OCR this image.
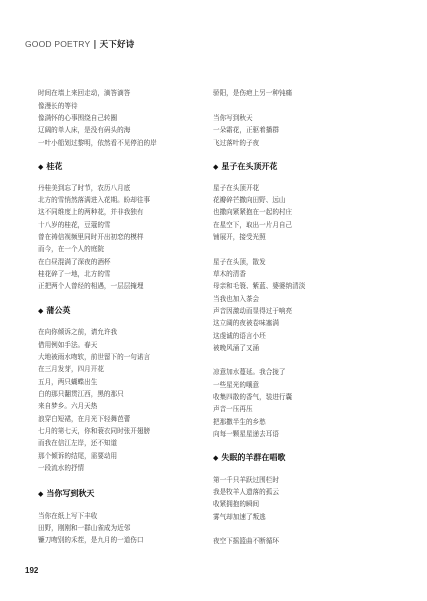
GOOD POETRY | 天下好诗
时间在墙上来回走动，滴答滴答
像漫长的等待
像满怀的心事围绕自己转圈
辽阔的单人床，是没有码头的海
一叶小船划过黎明，依然看不见停泊的岸
◆ 桂花
丹桂美到忘了时节，农历八月底
北方的雪悄然落满进入花期。盼却往事
这不同维度上的两种花，并非我独有
十八岁的桂花，豆蔻的雪
曾在祷信视频里同时开出初恋的模样
而今，在一个人的庭院
在白昼混满了深夜的酒杯
桂花碎了一地，北方的雪
正把两个人曾经的相遇，一层层掩埋
◆ 蒲公英
在向你倾诉之前，请允许我
借用例如手法。春天
大地被雨水吻软，前世留下的一句诺言
在三月发芽，四月开花
五月，两只蝴蝶出生
白的那只翻贯江西，黑的那只
来自梦乡。六月天热
浪穿白短裙，在月光下轻舞芭蕾
七月的第七天，你和蓑衣同时张开翅膀
而我在信江左岸，还不知道
那个倾诉的结尾，需要动用
一段流水的抒情
◆ 当你写到秋天
当你在纸上写下丰收
田野，刚刚和一群山雀成为近邻
镰刀吻别的禾茬，是九月的一道伤口
骄阳，是伤疤上另一种钝痛
当你写到秋天
一朵霜花，正驱着播群
飞过落叶的子夜
◆ 星子在头顶开花
星子在头顶开花
花瓣碎芒撒向田野、远山
也撒向紧紧抱在一起的村庄
在星空下，取出一片月自己
铺展开，接受光照
星子在头顶，散发
草木的清香
母亲和毛簑、紫蓝、婆婆纳清淡
当我也加入茶会
声音因激动而显得过于响亮
这立阔的夜被卷味塞满
这虔诚的语言小坯
被晚风涌了又涌
凉意加水蔓延。我合拢了
一些星光的嚷意
收集四散的香气，装进行囊
声音一压再压
把那撒半生的乡愁
向每一颗星星递去耳语
◆ 失眠的羊群在唱歌
第一千只羊跃过围栏时
我是牧羊人遗落的孤云
收紧拥抱的瞬间
雾气却加速了叛逃
夜空下摇篮曲不断循环
192
